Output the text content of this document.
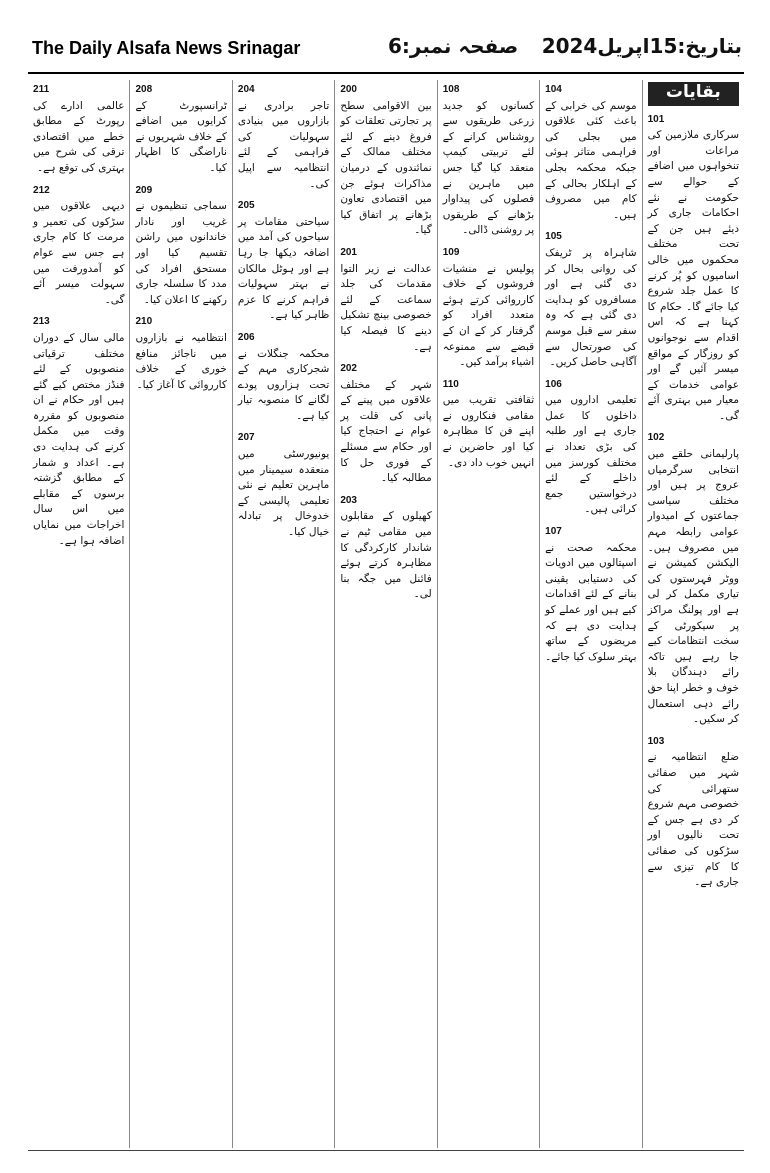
بتاریخ:15اپریل2024
صفحہ نمبر:6
The Daily Alsafa News Srinagar
بقایات
101
سرکاری ملازمین کی مراعات اور تنخواہوں میں اضافے کے حوالے سے حکومت نے نئے احکامات جاری کر دیئے ہیں جن کے تحت مختلف محکموں میں خالی اسامیوں کو پُر کرنے کا عمل جلد شروع کیا جائے گا۔ حکام کا کہنا ہے کہ اس اقدام سے نوجوانوں کو روزگار کے مواقع میسر آئیں گے اور عوامی خدمات کے معیار میں بہتری آئے گی۔
102
پارلیمانی حلقے میں انتخابی سرگرمیاں عروج پر ہیں اور مختلف سیاسی جماعتوں کے امیدوار عوامی رابطہ مہم میں مصروف ہیں۔ الیکشن کمیشن نے ووٹر فہرستوں کی تیاری مکمل کر لی ہے اور پولنگ مراکز پر سیکورٹی کے سخت انتظامات کیے جا رہے ہیں تاکہ رائے دہندگان بلا خوف و خطر اپنا حق رائے دہی استعمال کر سکیں۔
103
ضلع انتظامیہ نے شہر میں صفائی ستھرائی کی خصوصی مہم شروع کر دی ہے جس کے تحت نالیوں اور سڑکوں کی صفائی کا کام تیزی سے جاری ہے۔
104
موسم کی خرابی کے باعث کئی علاقوں میں بجلی کی فراہمی متاثر ہوئی جبکہ محکمہ بجلی کے اہلکار بحالی کے کام میں مصروف ہیں۔
105
شاہراہ پر ٹریفک کی روانی بحال کر دی گئی ہے اور مسافروں کو ہدایت دی گئی ہے کہ وہ سفر سے قبل موسم کی صورتحال سے آگاہی حاصل کریں۔
106
تعلیمی اداروں میں داخلوں کا عمل جاری ہے اور طلبہ کی بڑی تعداد نے مختلف کورسز میں داخلے کے لئے درخواستیں جمع کرائی ہیں۔
107
محکمہ صحت نے اسپتالوں میں ادویات کی دستیابی یقینی بنانے کے لئے اقدامات کیے ہیں اور عملے کو ہدایت دی ہے کہ مریضوں کے ساتھ بہتر سلوک کیا جائے۔
108
کسانوں کو جدید زرعی طریقوں سے روشناس کرانے کے لئے تربیتی کیمپ منعقد کیا گیا جس میں ماہرین نے فصلوں کی پیداوار بڑھانے کے طریقوں پر روشنی ڈالی۔
109
پولیس نے منشیات فروشوں کے خلاف کارروائی کرتے ہوئے متعدد افراد کو گرفتار کر کے ان کے قبضے سے ممنوعہ اشیاء برآمد کیں۔
110
ثقافتی تقریب میں مقامی فنکاروں نے اپنے فن کا مظاہرہ کیا اور حاضرین نے انہیں خوب داد دی۔
200
بین الاقوامی سطح پر تجارتی تعلقات کو فروغ دینے کے لئے مختلف ممالک کے نمائندوں کے درمیان مذاکرات ہوئے جن میں اقتصادی تعاون بڑھانے پر اتفاق کیا گیا۔
201
عدالت نے زیر التوا مقدمات کی جلد سماعت کے لئے خصوصی بینچ تشکیل دینے کا فیصلہ کیا ہے۔
202
شہر کے مختلف علاقوں میں پینے کے پانی کی قلت پر عوام نے احتجاج کیا اور حکام سے مسئلے کے فوری حل کا مطالبہ کیا۔
203
کھیلوں کے مقابلوں میں مقامی ٹیم نے شاندار کارکردگی کا مظاہرہ کرتے ہوئے فائنل میں جگہ بنا لی۔
204
تاجر برادری نے بازاروں میں بنیادی سہولیات کی فراہمی کے لئے انتظامیہ سے اپیل کی۔
205
سیاحتی مقامات پر سیاحوں کی آمد میں اضافہ دیکھا جا رہا ہے اور ہوٹل مالکان نے بہتر سہولیات فراہم کرنے کا عزم ظاہر کیا ہے۔
206
محکمہ جنگلات نے شجرکاری مہم کے تحت ہزاروں پودے لگانے کا منصوبہ تیار کیا ہے۔
207
یونیورسٹی میں منعقدہ سیمینار میں ماہرین تعلیم نے نئی تعلیمی پالیسی کے خدوخال پر تبادلہ خیال کیا۔
208
ٹرانسپورٹ کے کرایوں میں اضافے کے خلاف شہریوں نے ناراضگی کا اظہار کیا۔
209
سماجی تنظیموں نے غریب اور نادار خاندانوں میں راشن تقسیم کیا اور مستحق افراد کی مدد کا سلسلہ جاری رکھنے کا اعلان کیا۔
210
انتظامیہ نے بازاروں میں ناجائز منافع خوری کے خلاف کارروائی کا آغاز کیا۔
211
عالمی ادارے کی رپورٹ کے مطابق خطے میں اقتصادی ترقی کی شرح میں بہتری کی توقع ہے۔
212
دیہی علاقوں میں سڑکوں کی تعمیر و مرمت کا کام جاری ہے جس سے عوام کو آمدورفت میں سہولت میسر آئے گی۔
213
مالی سال کے دوران مختلف ترقیاتی منصوبوں کے لئے فنڈز مختص کیے گئے ہیں اور حکام نے ان منصوبوں کو مقررہ وقت میں مکمل کرنے کی ہدایت دی ہے۔ اعداد و شمار کے مطابق گزشتہ برسوں کے مقابلے میں اس سال اخراجات میں نمایاں اضافہ ہوا ہے۔
